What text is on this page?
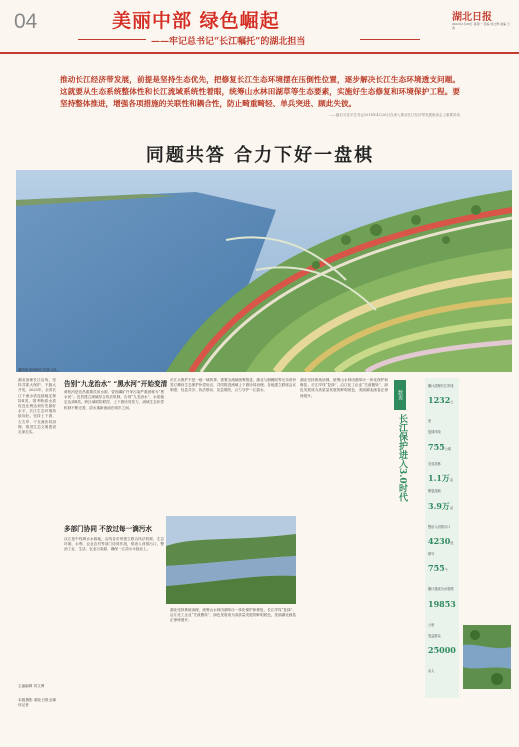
04	美丽中部 绿色崛起
——牢记总书记“长江嘱托”的湖北担当
湖北日报
2024年4月28日 星期一 责编 刘文博 美编 王春
推动长江经济带发展，前提是坚持生态优先，把修复长江生态环境摆在压倒性位置，逐步解决长江生态环境透支问题。这就要从生态系统整体性和长江流域系统性着眼，统筹山水林田湖草等生态要素，实施好生态修复和环境保护工程。要坚持整体推进，增强各项措施的关联性和耦合性，防止畸重畸轻、单兵突进、顾此失彼。
——摘自习近平总书记2018年4月26日在深入推动长江经济带发展座谈会上重要讲话
同题共答 合力下好一盘棋
襄阳鱼梁洲绿色发展示范。
湖北治理长江沿线，坚持共抓大保护，不搞大开发。2023年，全省长江干流水质连续稳定保持Ⅱ类，国考断面水质优良比例达到历史最好水平，长江生态环境持续向好。坚持上下游、左右岸、干支流协同治理，推进生态文明建设走深走实。
主编编辑 刘文博
本版摄影 湖北日报全媒体记者
告别“九龙治水” “黑水河”开始变清
黄柏河是宜昌重要饮用水源，曾因磷矿开采污染严重被称为“黑水河”。宜昌建立流域综合执法机制，告别“九龙治水”，水质稳定达到Ⅱ类。跨区域联防联控、上下游协同发力，流域生态补偿机制不断完善，清水重新流淌在城乡之间。
多部门协同 不放过每一滴污水
汉江是中线调水水源地，沿线各市州建立联合执法机制，生态环境、水利、农业农村等部门协同作战，排查入河排污口，整治工业、生活、农业污染源，确保一江清水永续北上。
长江大保护不是一地一域的事，需要全流域统筹推进。湖北与湘赣皖等兄弟省份签订横向生态保护补偿协议，共同推进流域上下游协同治理。各地建立联席会议制度，信息共享、执法联动、应急联防，合力守护一江碧水。
湖北坚持系统治理，统筹山水林田湖草沙一体化保护和修复。长江岸线“复绿”、沿江化工企业“关改搬转”，绿色发展成为高质量发展的鲜明底色，美丽湖北画卷正徐徐展开。
湖北坚持系统治理，统筹山水林田湖草沙一体化保护和修复。长江岸线“复绿”、沿江化工企业“关改搬转”，绿色发展成为高质量发展的鲜明底色，美丽湖北画卷正徐徐展开。	数说
长江保护进入3.0时代
累计清理长江岸线
1232公里
复绿岸线
755公顷
完成造林
1.1万亩
修复湿地
3.9万亩
整治入河排污口
4230处
销号
755个
累计建成污水管网
19853公里
受益群众
25000余人
